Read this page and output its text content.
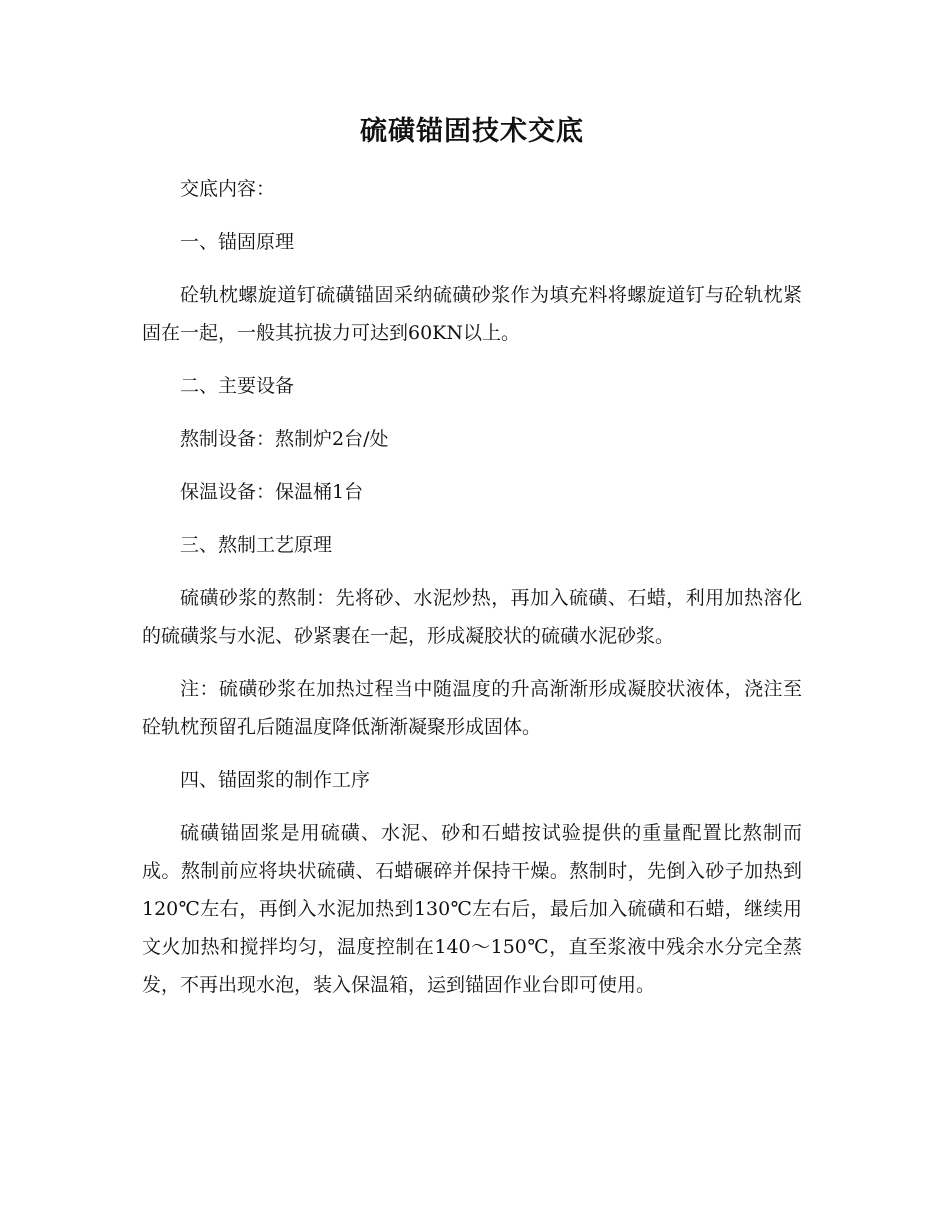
硫磺锚固技术交底

交底内容：

一、锚固原理

砼轨枕螺旋道钉硫磺锚固采纳硫磺砂浆作为填充料将螺旋道钉与砼轨枕紧固在一起，一般其抗拔力可达到60KN以上。

二、主要设备

熬制设备：熬制炉2台/处

保温设备：保温桶1台

三、熬制工艺原理

硫磺砂浆的熬制：先将砂、水泥炒热，再加入硫磺、石蜡，利用加热溶化的硫磺浆与水泥、砂紧裹在一起，形成凝胶状的硫磺水泥砂浆。

注：硫磺砂浆在加热过程当中随温度的升高渐渐形成凝胶状液体，浇注至砼轨枕预留孔后随温度降低渐渐凝聚形成固体。

四、锚固浆的制作工序

硫磺锚固浆是用硫磺、水泥、砂和石蜡按试验提供的重量配置比熬制而成。熬制前应将块状硫磺、石蜡碾碎并保持干燥。熬制时，先倒入砂子加热到120℃左右，再倒入水泥加热到130℃左右后，最后加入硫磺和石蜡，继续用文火加热和搅拌均匀，温度控制在140～150℃，直至浆液中残余水分完全蒸发，不再出现水泡，装入保温箱，运到锚固作业台即可使用。
